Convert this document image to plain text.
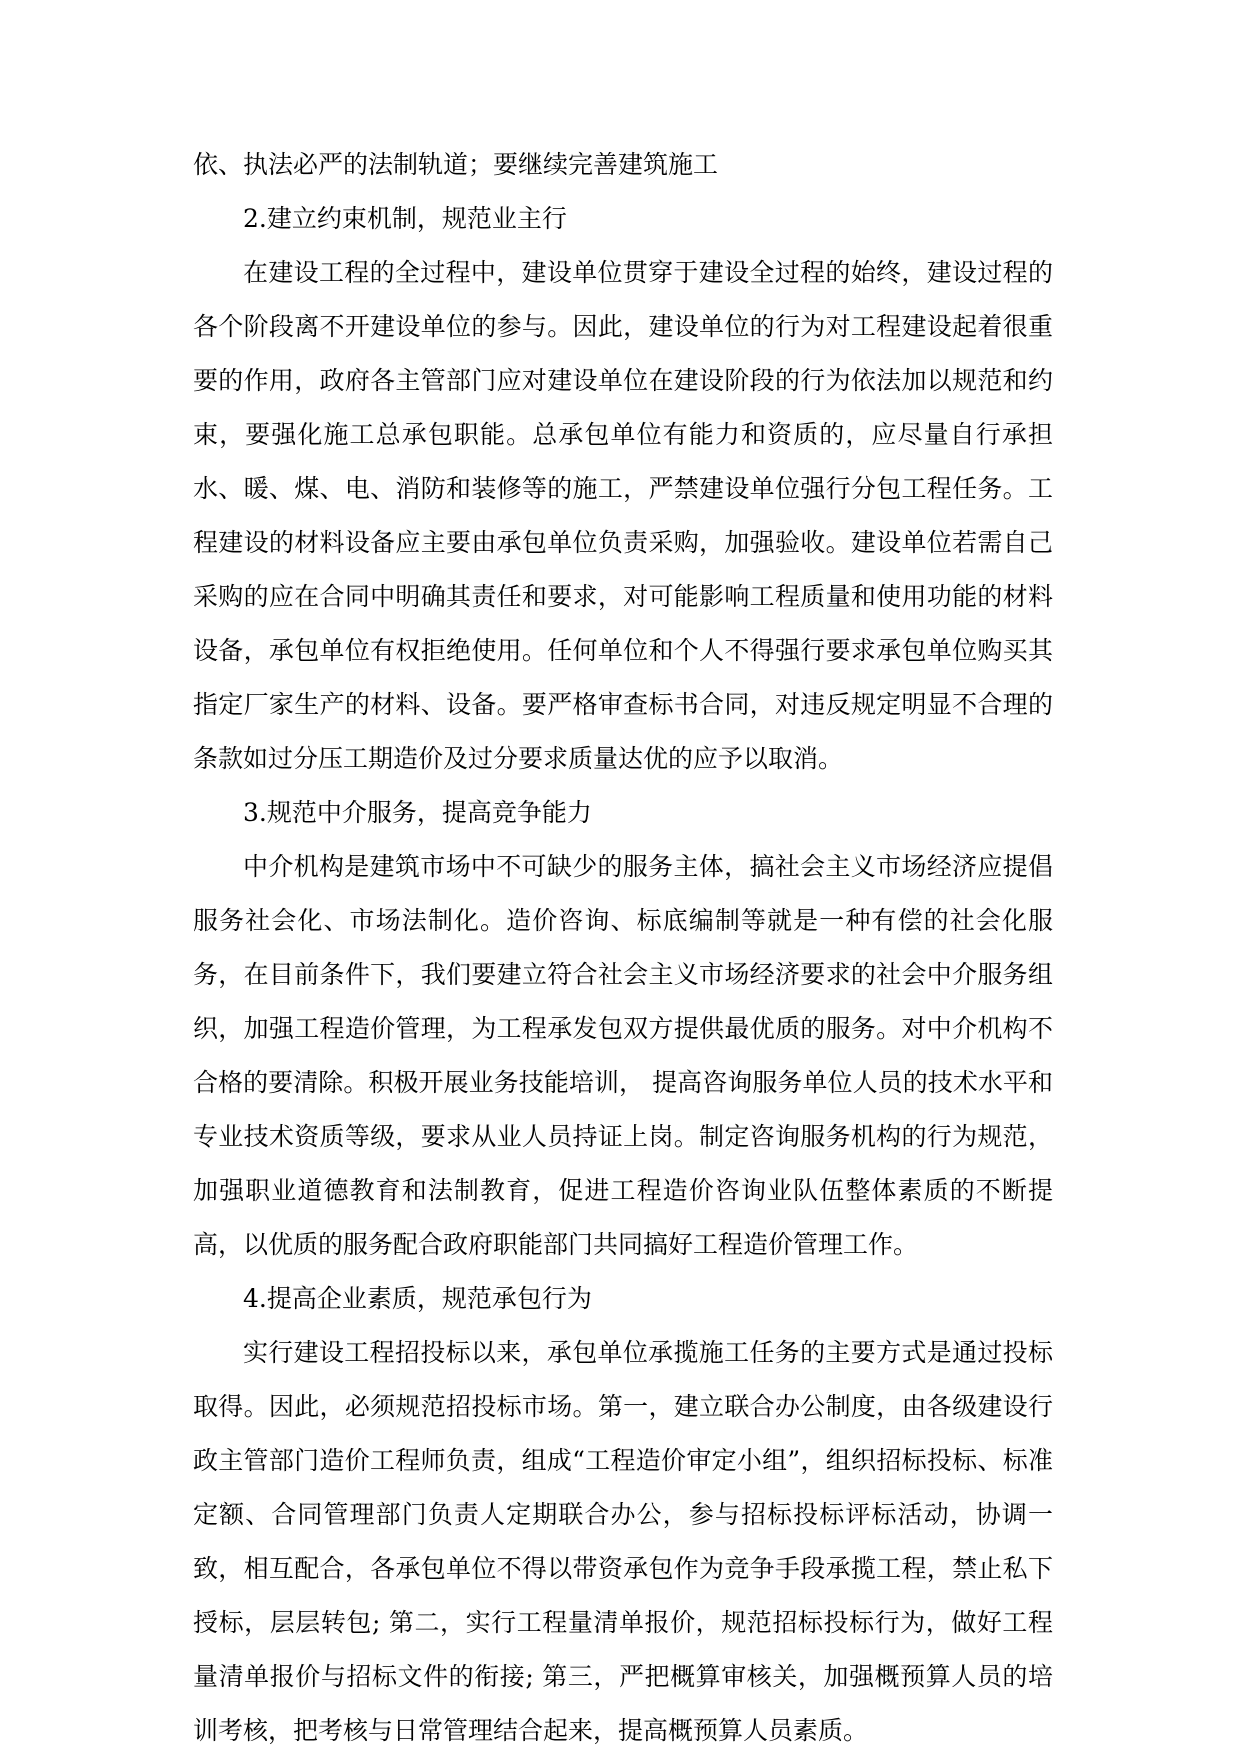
依、执法必严的法制轨道；要继续完善建筑施工

2.建立约束机制，规范业主行

在建设工程的全过程中，建设单位贯穿于建设全过程的始终，建设过程的各个阶段离不开建设单位的参与。因此，建设单位的行为对工程建设起着很重要的作用，政府各主管部门应对建设单位在建设阶段的行为依法加以规范和约束，要强化施工总承包职能。总承包单位有能力和资质的，应尽量自行承担水、暖、煤、电、消防和装修等的施工，严禁建设单位强行分包工程任务。工程建设的材料设备应主要由承包单位负责采购，加强验收。建设单位若需自己采购的应在合同中明确其责任和要求，对可能影响工程质量和使用功能的材料设备，承包单位有权拒绝使用。任何单位和个人不得强行要求承包单位购买其指定厂家生产的材料、设备。要严格审查标书合同，对违反规定明显不合理的条款如过分压工期造价及过分要求质量达优的应予以取消。

3.规范中介服务，提高竞争能力

中介机构是建筑市场中不可缺少的服务主体，搞社会主义市场经济应提倡服务社会化、市场法制化。造价咨询、标底编制等就是一种有偿的社会化服务，在目前条件下，我们要建立符合社会主义市场经济要求的社会中介服务组织，加强工程造价管理，为工程承发包双方提供最优质的服务。对中介机构不合格的要清除。积极开展业务技能培训， 提高咨询服务单位人员的技术水平和专业技术资质等级，要求从业人员持证上岗。制定咨询服务机构的行为规范，加强职业道德教育和法制教育，促进工程造价咨询业队伍整体素质的不断提高，以优质的服务配合政府职能部门共同搞好工程造价管理工作。

4.提高企业素质，规范承包行为

实行建设工程招投标以来，承包单位承揽施工任务的主要方式是通过投标取得。因此，必须规范招投标市场。第一，建立联合办公制度，由各级建设行政主管部门造价工程师负责，组成“工程造价审定小组”，组织招标投标、标准定额、合同管理部门负责人定期联合办公，参与招标投标评标活动，协调一致，相互配合，各承包单位不得以带资承包作为竞争手段承揽工程，禁止私下授标，层层转包; 第二，实行工程量清单报价，规范招标投标行为，做好工程量清单报价与招标文件的衔接; 第三，严把概算审核关，加强概预算人员的培训考核，把考核与日常管理结合起来，提高概预算人员素质。
